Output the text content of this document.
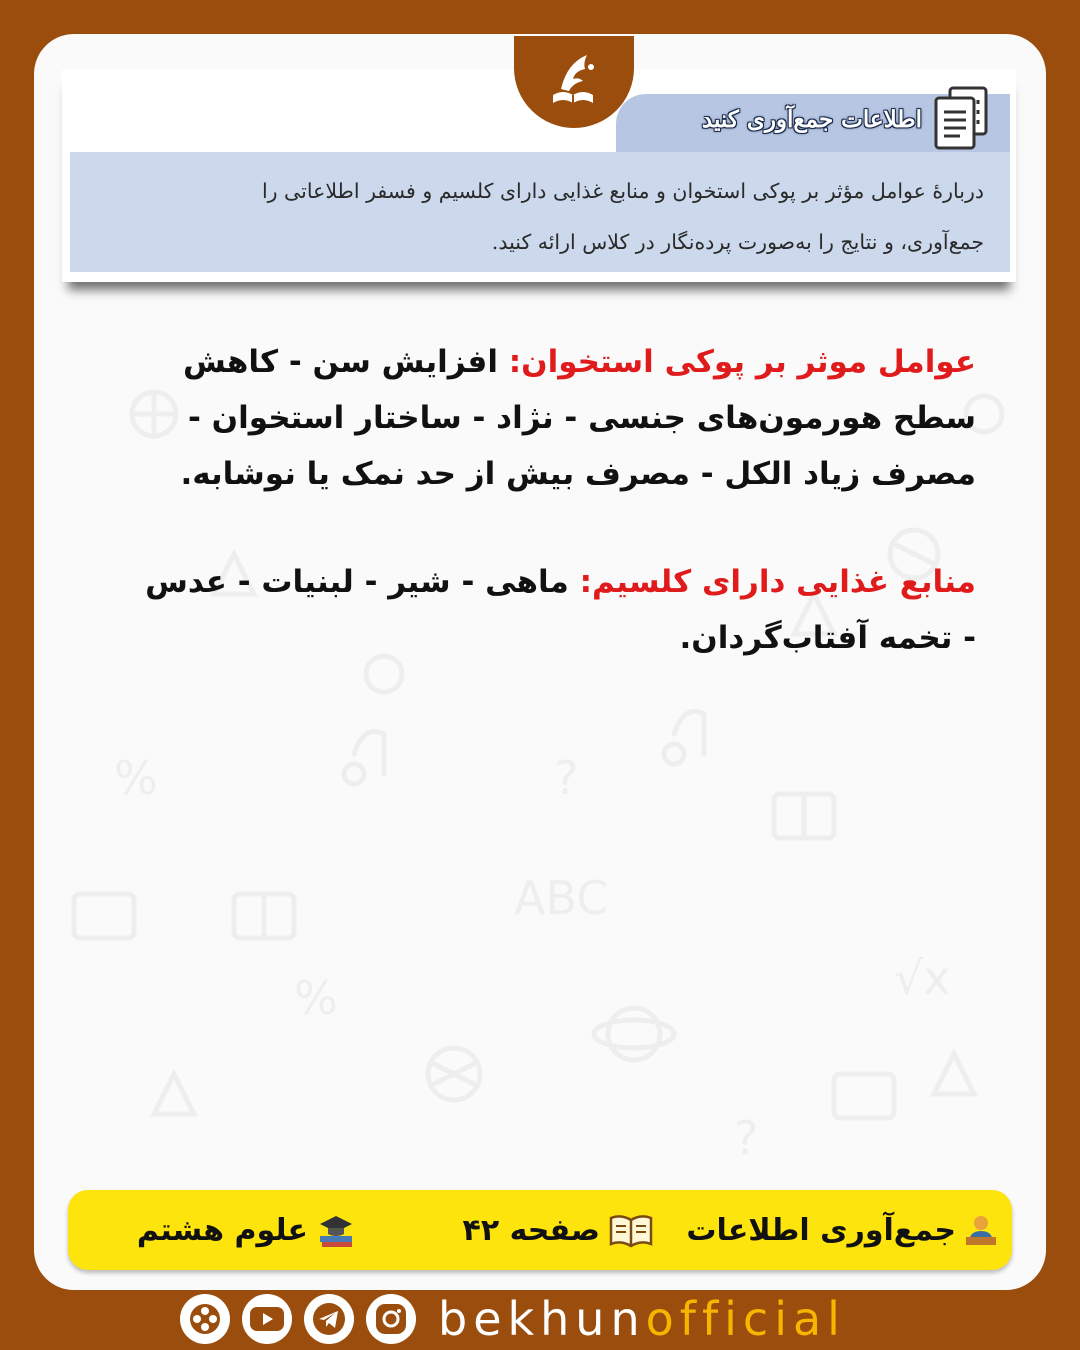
%
ABC
√x
%
?
?
اطلاعات جمع‌آوری کنید
دربارهٔ عوامل مؤثر بر پوکی استخوان و منابع غذایی دارای کلسیم و فسفر اطلاعاتی را
جمع‌آوری، و نتایج را به‌صورت پرده‌نگار در کلاس ارائه کنید.

عوامل موثر بر پوکی استخوان: افزایش سن - کاهش سطح هورمون‌های جنسی - نژاد - ساختار استخوان - مصرف زیاد الکل - مصرف بیش از حد نمک یا نوشابه.

منابع غذایی دارای کلسیم: ماهی - شیر - لبنیات - عدس - تخمه آفتاب‌گردان.

جمع‌آوری اطلاعات
صفحه ۴۲
علوم هشتم
bekhunofficial
